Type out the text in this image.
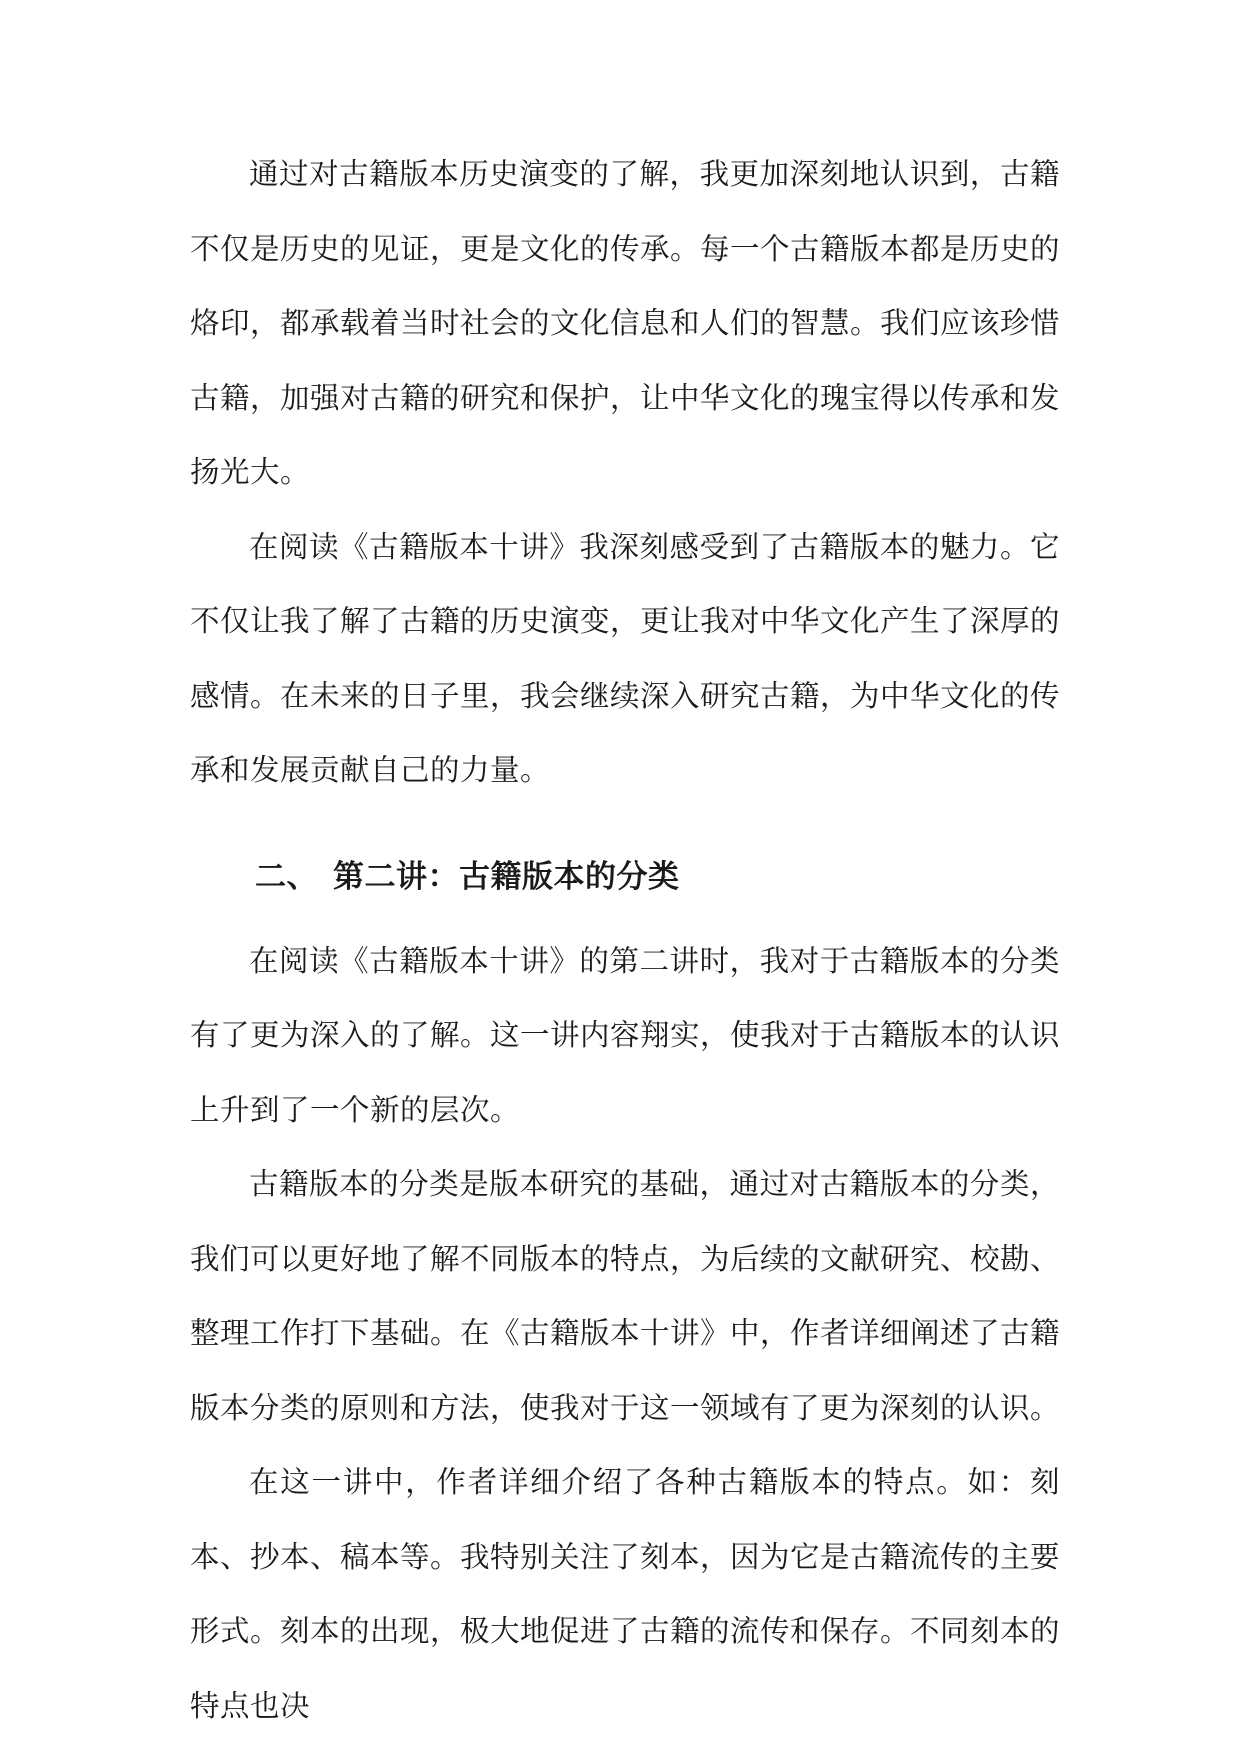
通过对古籍版本历史演变的了解，我更加深刻地认识到，古籍不仅是历史的见证，更是文化的传承。每一个古籍版本都是历史的烙印，都承载着当时社会的文化信息和人们的智慧。我们应该珍惜古籍，加强对古籍的研究和保护，让中华文化的瑰宝得以传承和发扬光大。

在阅读《古籍版本十讲》我深刻感受到了古籍版本的魅力。它不仅让我了解了古籍的历史演变，更让我对中华文化产生了深厚的感情。在未来的日子里，我会继续深入研究古籍，为中华文化的传承和发展贡献自己的力量。

二、 第二讲：古籍版本的分类

在阅读《古籍版本十讲》的第二讲时，我对于古籍版本的分类有了更为深入的了解。这一讲内容翔实，使我对于古籍版本的认识上升到了一个新的层次。

古籍版本的分类是版本研究的基础，通过对古籍版本的分类，我们可以更好地了解不同版本的特点，为后续的文献研究、校勘、整理工作打下基础。在《古籍版本十讲》中，作者详细阐述了古籍版本分类的原则和方法，使我对于这一领域有了更为深刻的认识。

在这一讲中，作者详细介绍了各种古籍版本的特点。如：刻本、抄本、稿本等。我特别关注了刻本，因为它是古籍流传的主要形式。刻本的出现，极大地促进了古籍的流传和保存。不同刻本的特点也决
